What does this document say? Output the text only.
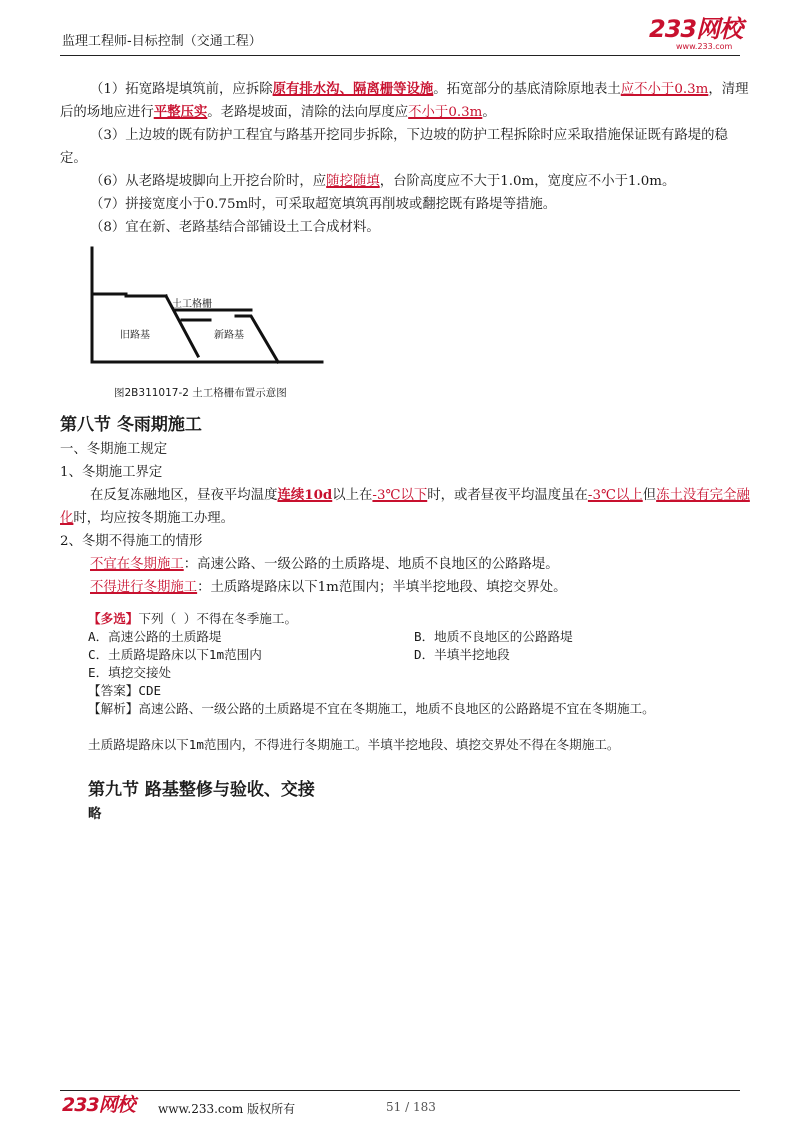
监理工程师-目标控制（交通工程）	233网校
www.233.com
（1）拓宽路堤填筑前，应拆除原有排水沟、隔离栅等设施。拓宽部分的基底清除原地表土应不小于0.3m，清理后的场地应进行平整压实。老路堤坡面，清除的法向厚度应不小于0.3m。
（3）上边坡的既有防护工程宜与路基开挖同步拆除，下边坡的防护工程拆除时应采取措施保证既有路堤的稳定。
（6）从老路堤坡脚向上开挖台阶时，应随挖随填，台阶高度应不大于1.0m，宽度应不小于1.0m。
（7）拼接宽度小于0.75m时，可采取超宽填筑再削坡或翻挖既有路堤等措施。
（8）宜在新、老路基结合部铺设土工合成材料。
土工格栅
旧路基	新路基
图2B311017-2 土工格栅布置示意图
第八节 冬雨期施工
一、冬期施工规定
1、冬期施工界定
在反复冻融地区，昼夜平均温度连续10d以上在-3℃以下时，或者昼夜平均温度虽在-3℃以上但冻土没有完全融化时，均应按冬期施工办理。
2、冬期不得施工的情形
不宜在冬期施工：高速公路、一级公路的土质路堤、地质不良地区的公路路堤。
不得进行冬期施工：土质路堤路床以下1m范围内；半填半挖地段、填挖交界处。
【多选】下列（ ）不得在冬季施工。
A．高速公路的土质路堤	B．地质不良地区的公路路堤
C．土质路堤路床以下1m范围内	D．半填半挖地段
E．填挖交接处
【答案】CDE
【解析】高速公路、一级公路的土质路堤不宜在冬期施工，地质不良地区的公路路堤不宜在冬期施工。
土质路堤路床以下1m范围内，不得进行冬期施工。半填半挖地段、填挖交界处不得在冬期施工。
第九节 路基整修与验收、交接
略
233网校 www.233.com 版权所有	51 / 183
